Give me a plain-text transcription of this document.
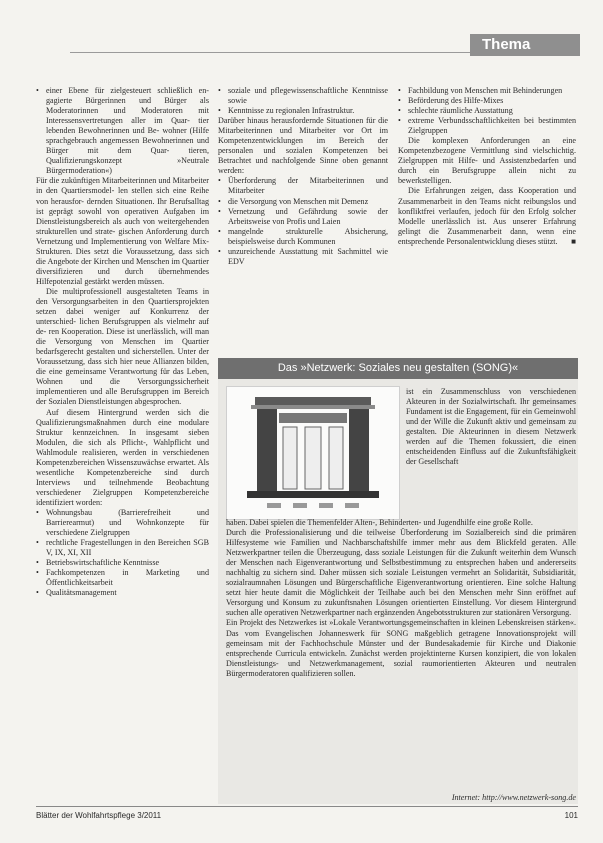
Thema
• einer Ebene für zielgesteuert schließlich en- gagierte Bürgerinnen und Bürger als Moderatorinnen und Moderatoren mit Interessensvertretungen aller im Quar- tier lebenden Bewohnerinnen und Be- wohner (Hilfe sprachgebrauch angemessen Bewohnerinnen und Bürger mit dem Quar- tieren, Qualifizierungskonzept »Neutrale Bürgermoderation«)

Für die zukünftigen Mitarbeiterinnen und Mitarbeiter in den Quartiersmodel- len stellen sich eine Reihe von herausfor- dernden Situationen. Ihr Berufsalltag ist geprägt sowohl von operativen Aufgaben im Dienstleistungsbereich als auch von weitergehenden strukturellen und strate- gischen Anforderung durch Vernetzung und Implementierung von Welfare Mix- Strukturen. Dies setzt die Voraussetzung, dass sich die Angebote der Kirchen und Menschen im Quartier diversifizieren und durch übernehmendes Hilfepotenzial gestärkt werden müssen.

Die multiprofessionell ausgestalteten Teams in den Versorgungsarbeiten in den Quartiersprojekten setzen dabei weniger auf Konkurrenz der unterschied- lichen Berufsgruppen als vielmehr auf de- ren Kooperation. Diese ist unerlässlich, will man die Versorgung von Menschen im Quartier bedarfsgerecht gestalten und sicherstellen. Unter der Voraussetzung, dass sich hier neue Allianzen bilden, die eine gemeinsame Verantwortung für das Leben, Wohnen und die Versorgungssicherheit implementieren und alle Berufsgruppen im Bereich der Sozialen Dienstleistungen abgesprochen.

Auf diesem Hintergrund werden sich die Qualifizierungsmaßnahmen durch eine modulare Struktur kennzeichnen. In insgesamt sieben Modulen, die sich als Pflicht-, Wahlpflicht und Wahlmodule realisieren, werden in verschiedenen Kompetenzbereichen Wissenszuwächse erwartet. Als wesentliche Kompetenzbereiche sind durch Interviews und teilnehmende Beobachtung verschiedener Zielgruppen Kompetenzbereiche identifiziert worden:

• Wohnungsbau (Barrierefreiheit und Barrierearmut) und Wohnkonzepte für verschiedene Zielgruppen
• rechtliche Fragestellungen in den Bereichen SGB V, IX, XI, XII
• Betriebswirtschaftliche Kenntnisse
• Fachkompetenzen in Marketing und Öffentlichkeitsarbeit
• Qualitätsmanagement
• soziale und pflegewissenschaftliche Kenntnisse sowie
• Kenntnisse zu regionalen Infrastruktur.

Darüber hinaus herausfordernde Situationen für die Mitarbeiterinnen und Mitarbeiter vor Ort im Kompetenzentwicklungen im Bereich der personalen und sozialen Kompetenzen bei Betrachtet und nachfolgende Sinne oben genannt werden:

• Überforderung der Mitarbeiterinnen und Mitarbeiter
• die Versorgung von Menschen mit Demenz
• Vernetzung und Gefährdung sowie der Arbeitsweise von Profis und Laien
• mangelnde strukturelle Absicherung, beispielsweise durch Kommunen
• unzureichende Ausstattung mit Sachmittel wie EDV
• Fachbildung von Menschen mit Behinderungen
• Beförderung des Hilfe-Mixes
• schlechte räumliche Ausstattung
• extreme Verbundsschaftlichkeiten bei bestimmten Zielgruppen

Die komplexen Anforderungen an eine Kompetenzbezogene Vermittlung sind vielschichtig. Zielgruppen mit Hilfe- und Assistenzbedarfen und durch ein Berufsgruppe allein nicht zu bewerkstelligen.

Die Erfahrungen zeigen, dass Kooperation und Zusammenarbeit in den Teams nicht reibungslos und konfliktfrei verlaufen, jedoch für den Erfolg solcher Modelle unerlässlich ist. Aus unserer Erfahrung gelingt die Zusammenarbeit dann, wenn eine entsprechende Personalentwicklung dieses stützt.	■

Das »Netzwerk: Soziales neu gestalten (SONG)«
ist ein Zusammenschluss von verschiedenen Akteuren in der Sozialwirtschaft. Ihr gemeinsames Fundament ist die Engagement, für ein Gemeinwohl und der Wille die Zukunft aktiv und gemeinsam zu gestalten. Die Akteurinnen in diesem Netzwerk werden auf die Themen fokussiert, die einen entscheidenden Einfluss auf die Zukunftsfähigkeit der Gesellschaft

haben. Dabei spielen die Themenfelder Alten-, Behinderten- und Jugendhilfe eine große Rolle.

Durch die Professionalisierung und die teilweise Überforderung im Sozialbereich sind die primären Hilfesysteme wie Familien und Nachbarschaftshilfe immer mehr aus dem Blickfeld geraten. Alle Netzwerkpartner teilen die Überzeugung, dass soziale Leistungen für die Zukunft weiterhin dem Wunsch der Menschen nach Eigenverantwortung und Selbstbestimmung zu entsprechen haben und andererseits nachhaltig zu sichern sind. Daher müssen sich soziale Leistungen vermehrt an Solidarität, Subsidiarität, sozialraumnahen Lösungen und Bürgerschaftliche Eigenverantwortung orientieren. Eine solche Haltung setzt hier heute damit die Möglichkeit der Teilhabe auch bei den Menschen mehr Sinn eröffnet auf Versorgung und Konsum zu zukunftsnahen Lösungen orientierten Einstellung. Vor diesem Hintergrund suchen alle operativen Netzwerkpartner nach ergänzenden Angebotsstrukturen zur stationären Versorgung.

Ein Projekt des Netzwerkes ist »Lokale Verantwortungsgemeinschaften in kleinen Lebenskreisen stärken«. Das vom Evangelischen Johanneswerk für SONG maßgeblich getragene Innovationsprojekt will gemeinsam mit der Fachhochschule Münster und der Bundesakademie für Kirche und Diakonie entsprechende Curricula entwickeln. Zunächst werden projektinterne Kursen konzipiert, die von lokalen Dienstleistungs- und Netzwerkmanagement, sozial raumorientierten Akteuren und neutralen Bürgermoderatoren qualifizieren sollen.

Internet: http://www.netzwerk-song.de
Blätter der Wohlfahrtspflege 3/2011	101
